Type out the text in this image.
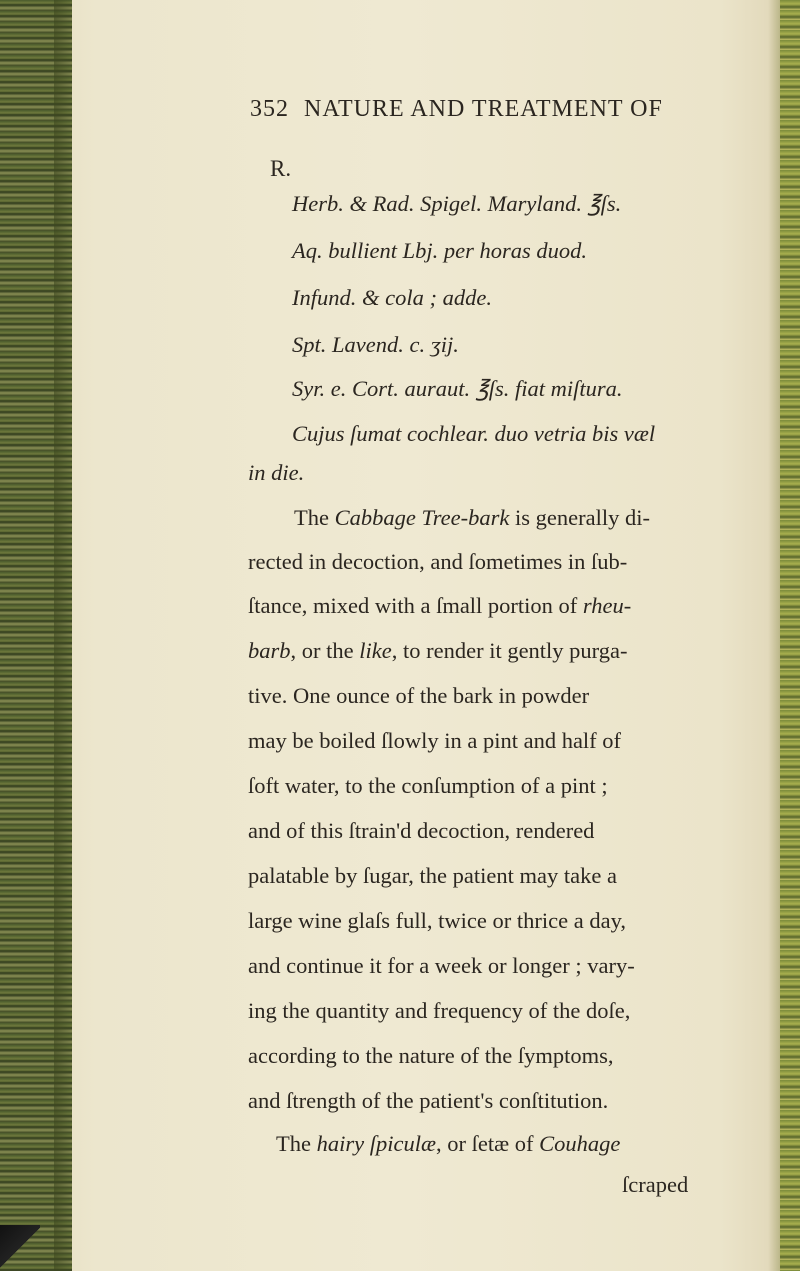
352 NATURE AND TREATMENT OF
R.
Herb. & Rad. Spigel. Maryland. ℥ſs.
Aq. bullient Lbj. per horas duod.
Infund. & cola ; adde.
Spt. Lavend. c. ʒij.
Syr. e. Cort. auraut. ℥ſs. fiat miſtura.
Cujus ſumat cochlear. duo vetria bis væl
in die.
The Cabbage Tree-bark is generally di-
rected in decoction, and ſometimes in ſub-
ſtance, mixed with a ſmall portion of rheu-
barb, or the like, to render it gently purga-
tive. One ounce of the bark in powder
may be boiled ſlowly in a pint and half of
ſoft water, to the conſumption of a pint ;
and of this ſtrain'd decoction, rendered
palatable by ſugar, the patient may take a
large wine glaſs full, twice or thrice a day,
and continue it for a week or longer ; vary-
ing the quantity and frequency of the doſe,
according to the nature of the ſymptoms,
and ſtrength of the patient's conſtitution.
The hairy ſpiculæ, or ſetæ of Couhage
ſcraped
